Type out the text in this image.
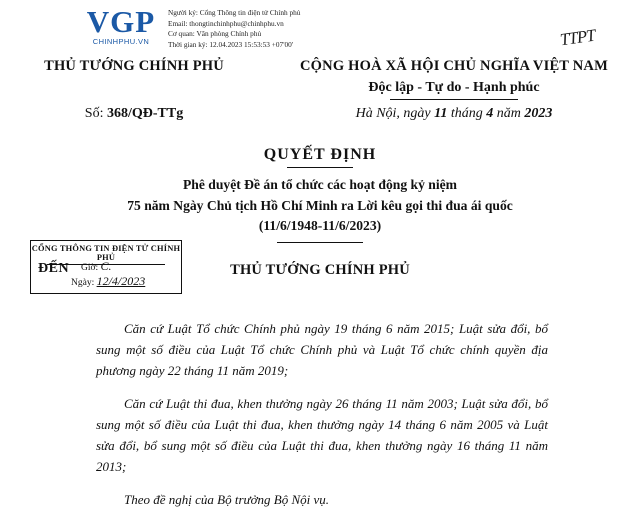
VGP
CHINHPHU.VN
Người ký: Cổng Thông tin điện tử Chính phủ
Email: thongtinchinhphu@chinhphu.vn
Cơ quan: Văn phòng Chính phủ
Thời gian ký: 12.04.2023 15:53:53 +07'00'	TTPT
THỦ TƯỚNG CHÍNH PHỦ	CỘNG HOÀ XÃ HỘI CHỦ NGHĨA VIỆT NAM
Độc lập - Tự do - Hạnh phúc
Số: 368/QĐ-TTg	Hà Nội, ngày 11 tháng 4 năm 2023
QUYẾT ĐỊNH
Phê duyệt Đề án tổ chức các hoạt động kỷ niệm
75 năm Ngày Chủ tịch Hồ Chí Minh ra Lời kêu gọi thi đua ái quốc
(11/6/1948-11/6/2023)
CỔNG THÔNG TIN ĐIỆN TỬ CHÍNH PHỦ
ĐẾN Giờ: C.
Ngày: 12/4/2023
THỦ TƯỚNG CHÍNH PHỦ

Căn cứ Luật Tổ chức Chính phủ ngày 19 tháng 6 năm 2015; Luật sửa đổi, bổ sung một số điều của Luật Tổ chức Chính phủ và Luật Tổ chức chính quyền địa phương ngày 22 tháng 11 năm 2019;

Căn cứ Luật thi đua, khen thưởng ngày 26 tháng 11 năm 2003; Luật sửa đổi, bổ sung một số điều của Luật thi đua, khen thưởng ngày 14 tháng 6 năm 2005 và Luật sửa đổi, bổ sung một số điều của Luật thi đua, khen thưởng ngày 16 tháng 11 năm 2013;

Theo đề nghị của Bộ trưởng Bộ Nội vụ.
